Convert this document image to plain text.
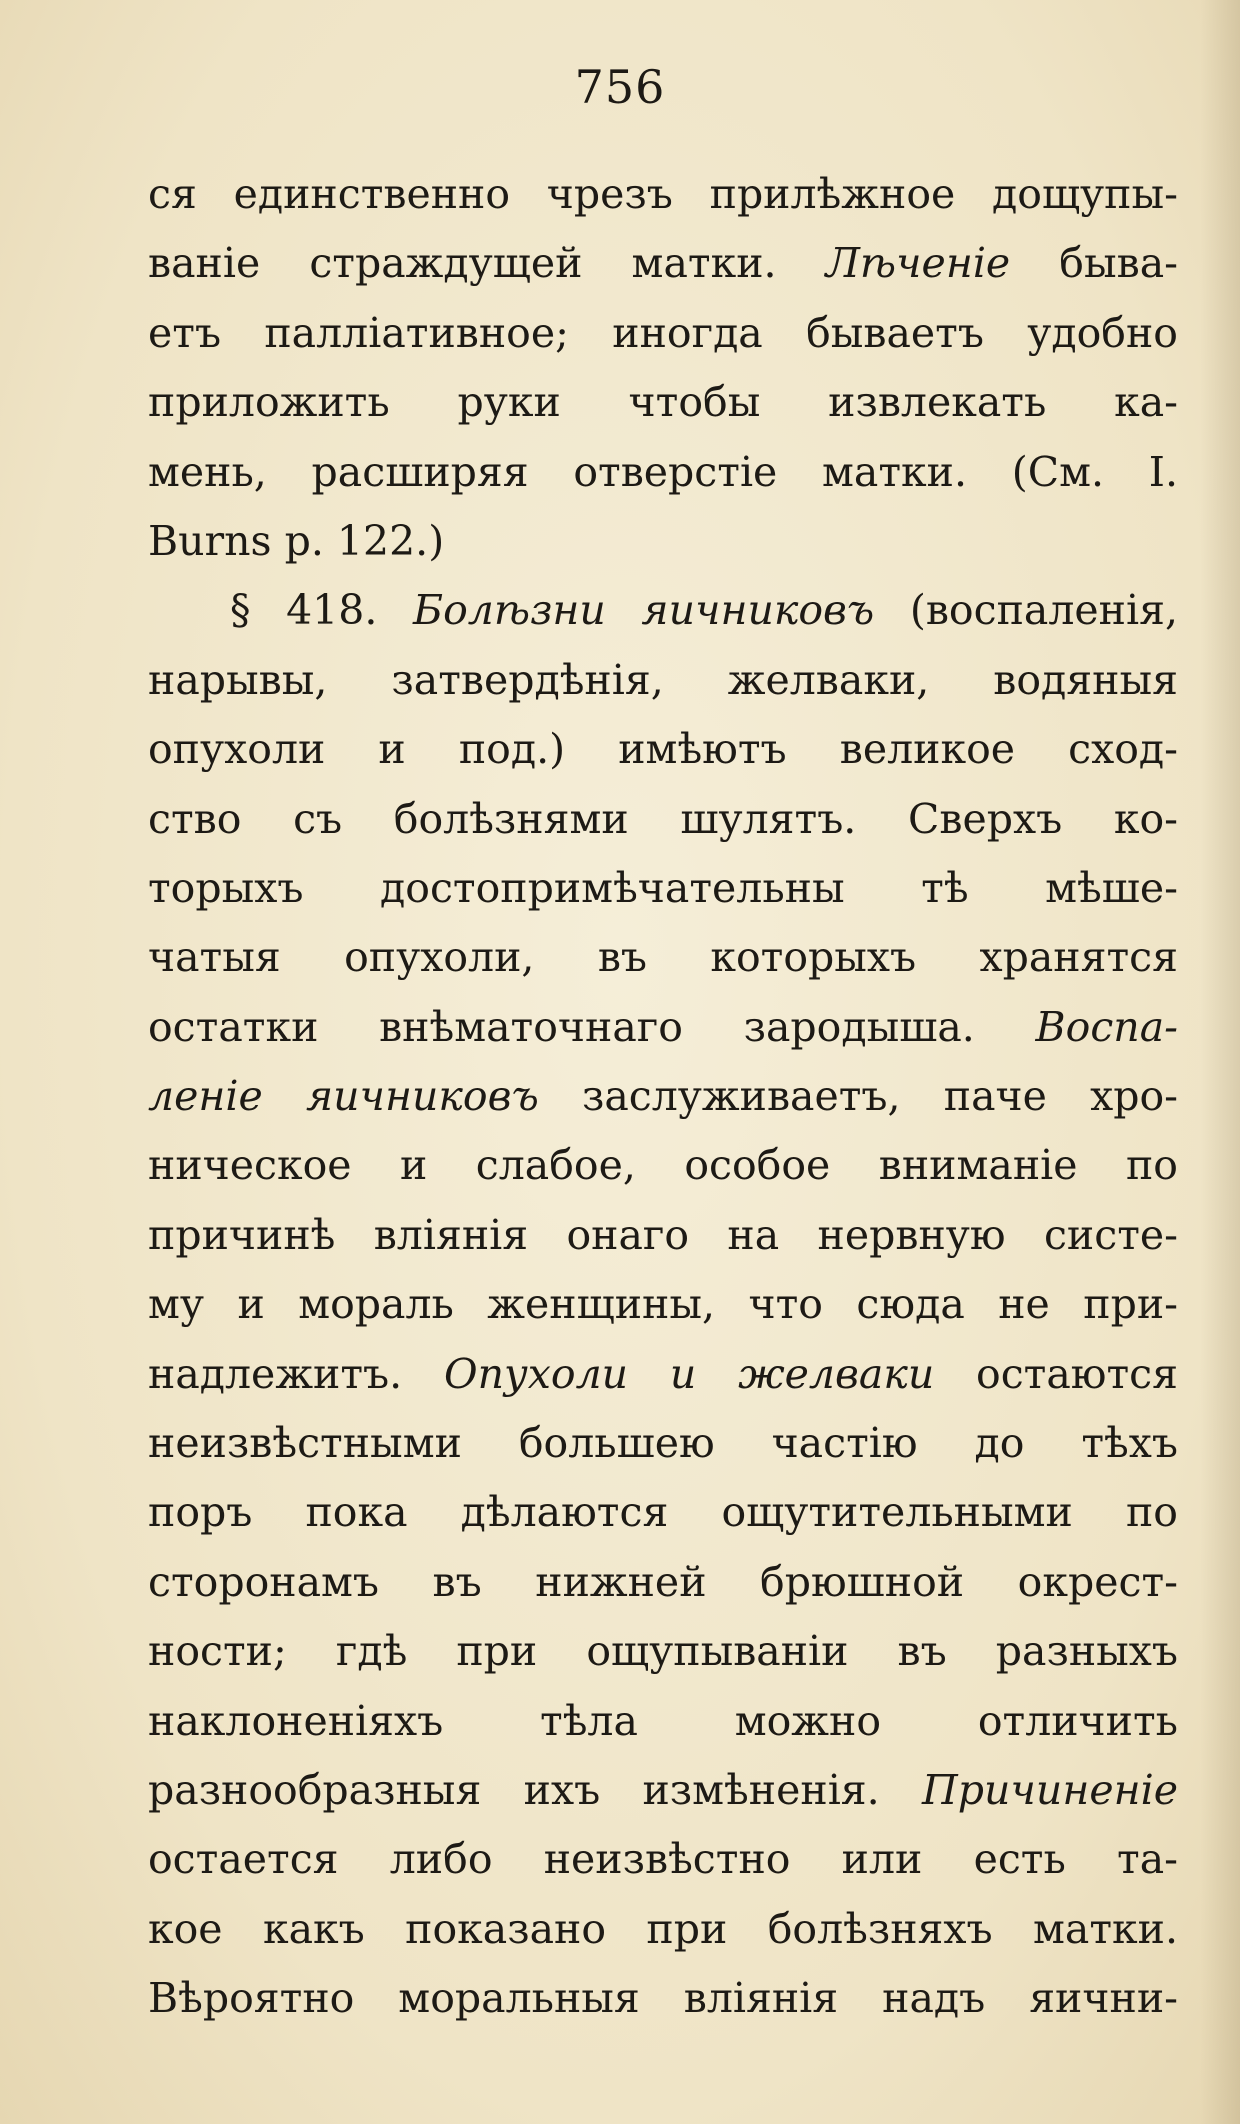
756
ся единственно чрезъ прилѣжное дощупы-
ваніе страждущей матки. Лѣченіе быва-
етъ паллiативное; иногда бываетъ удобно
приложить руки чтобы извлекать ка-
мень, расширяя отверстіе матки. (См. I.
Burns p. 122.)
§ 418. Болѣзни яичниковъ (воспаленія,
нарывы, затвердѣнія, желваки, водяныя
опухоли и под.) имѣютъ великое сход-
ство съ болѣзнями шулятъ. Сверхъ ко-
торыхъ достопримѣчательны тѣ мѣше-
чатыя опухоли, въ которыхъ хранятся
остатки внѣматочнаго зародыша. Воспа-
леніе яичниковъ заслуживаетъ, паче хро-
ническое и слабое, особое вниманіе по
причинѣ вліянія онаго на нервную систе-
му и мораль женщины, что сюда не при-
надлежитъ. Опухоли и желваки остаются
неизвѣстными большею частію до тѣхъ
поръ пока дѣлаются ощутительными по
сторонамъ въ нижней брюшной окрест-
ности; гдѣ при ощупываніи въ разныхъ
наклоненіяхъ тѣла можно отличить
разнообразныя ихъ измѣненія. Причиненіе
остается либо неизвѣстно или есть та-
кое какъ показано при болѣзняхъ матки.
Вѣроятно моральныя вліянія надъ яични-
